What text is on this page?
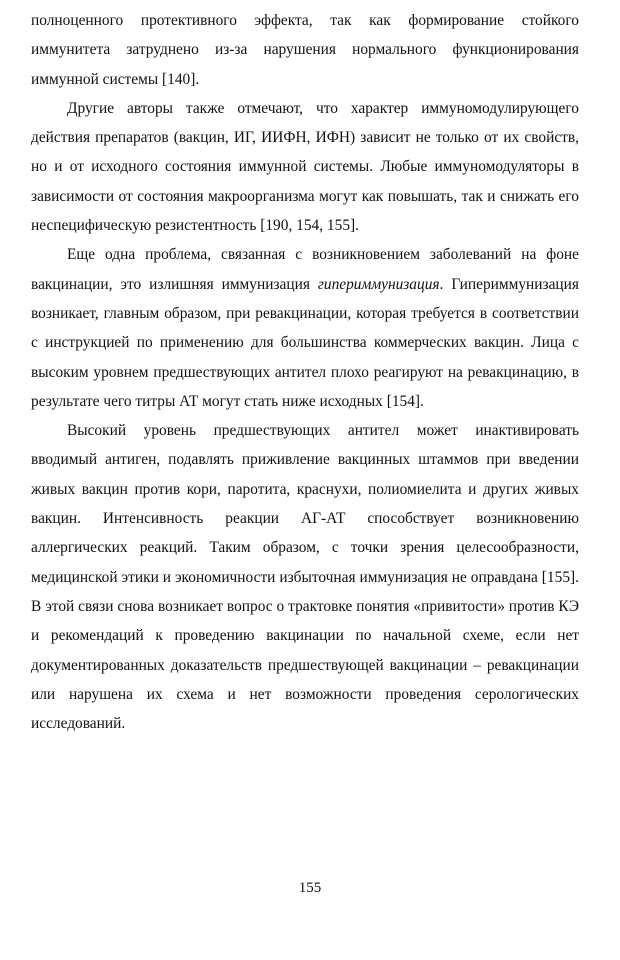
полноценного протективного эффекта, так как формирование стойкого иммунитета затруднено из-за нарушения нормального функционирования иммунной системы [140].

Другие авторы также отмечают, что характер иммуномодулирующего действия препаратов (вакцин, ИГ, ИИФН, ИФН) зависит не только от их свойств, но и от исходного состояния иммунной системы. Любые иммуномодуляторы в зависимости от состояния макроорганизма могут как повышать, так и снижать его неспецифическую резистентность [190, 154, 155].

Еще одна проблема, связанная с возникновением заболеваний на фоне вакцинации, это излишняя иммунизация гипериммунизация. Гипериммунизация возникает, главным образом, при ревакцинации, которая требуется в соответствии с инструкцией по применению для большинства коммерческих вакцин. Лица с высоким уровнем предшествующих антител плохо реагируют на ревакцинацию, в результате чего титры АТ могут стать ниже исходных [154].

Высокий уровень предшествующих антител может инактивировать вводимый антиген, подавлять приживление вакцинных штаммов при введении живых вакцин против кори, паротита, краснухи, полиомиелита и других живых вакцин. Интенсивность реакции АГ-АТ способствует возникновению аллергических реакций. Таким образом, с точки зрения целесообразности, медицинской этики и экономичности избыточная иммунизация не оправдана [155]. В этой связи снова возникает вопрос о трактовке понятия «привитости» против КЭ и рекомендаций к проведению вакцинации по начальной схеме, если нет документированных доказательств предшествующей вакцинации – ревакцинации или нарушена их схема и нет возможности проведения серологических исследований.

155
